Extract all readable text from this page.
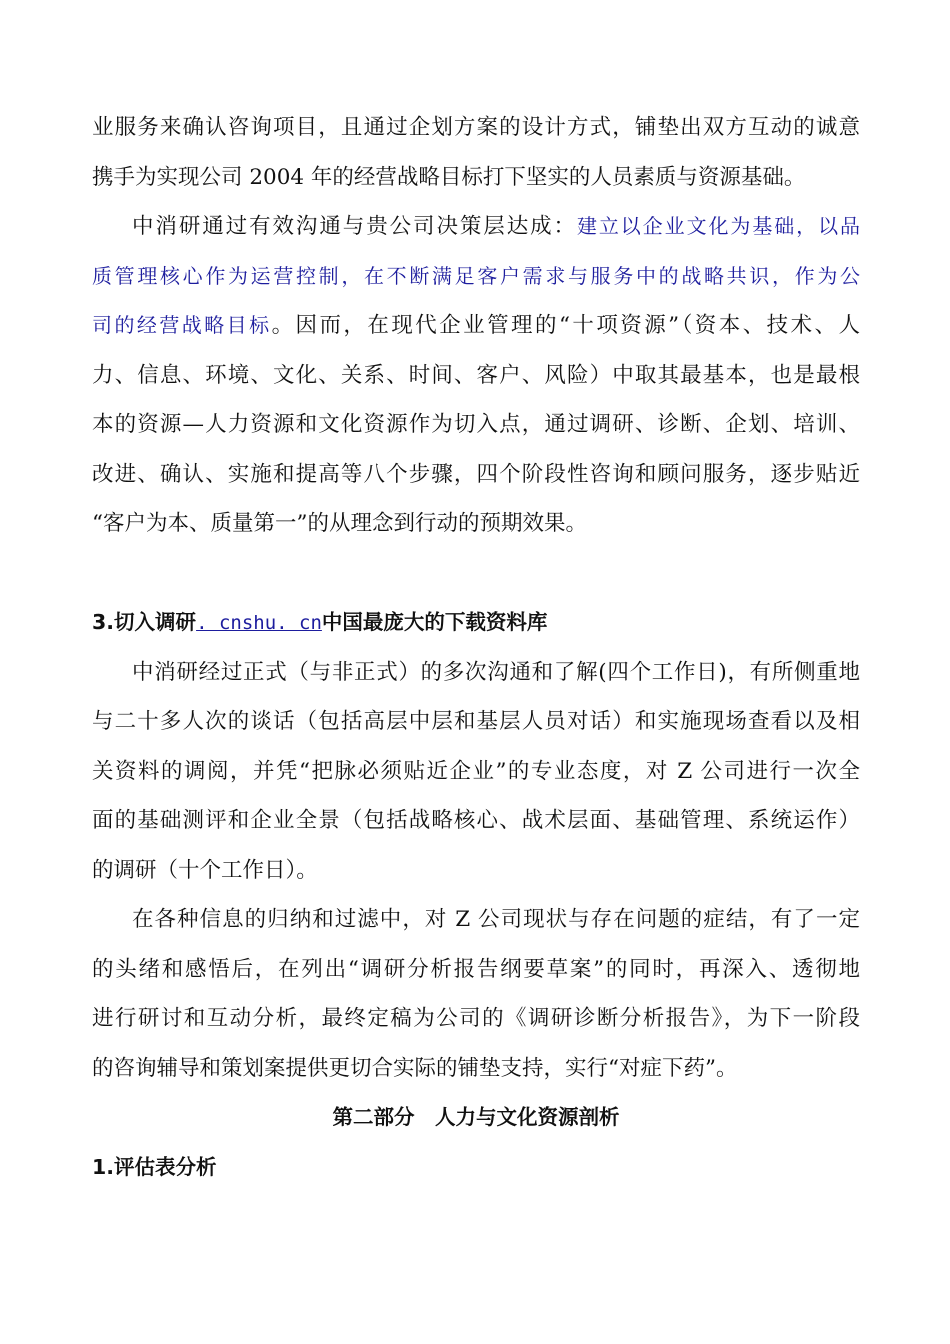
业服务来确认咨询项目，且通过企划方案的设计方式，铺垫出双方互动的诚意
携手为实现公司 2004 年的经营战略目标打下坚实的人员素质与资源基础。
中消研通过有效沟通与贵公司决策层达成：建立以企业文化为基础，以品
质管理核心作为运营控制，在不断满足客户需求与服务中的战略共识，作为公
司的经营战略目标。因而，在现代企业管理的“十项资源”（资本、技术、人
力、信息、环境、文化、关系、时间、客户、风险）中取其最基本，也是最根
本的资源—人力资源和文化资源作为切入点，通过调研、诊断、企划、培训、
改进、确认、实施和提高等八个步骤，四个阶段性咨询和顾问服务，逐步贴近
“客户为本、质量第一”的从理念到行动的预期效果。
3.切入调研. cnshu. cn中国最庞大的下载资料库
中消研经过正式（与非正式）的多次沟通和了解(四个工作日)，有所侧重地
与二十多人次的谈话（包括高层中层和基层人员对话）和实施现场查看以及相
关资料的调阅，并凭“把脉必须贴近企业”的专业态度，对 Z 公司进行一次全
面的基础测评和企业全景（包括战略核心、战术层面、基础管理、系统运作）
的调研（十个工作日）。
在各种信息的归纳和过滤中，对 Z 公司现状与存在问题的症结，有了一定
的头绪和感悟后，在列出“调研分析报告纲要草案”的同时，再深入、透彻地
进行研讨和互动分析，最终定稿为公司的《调研诊断分析报告》，为下一阶段
的咨询辅导和策划案提供更切合实际的铺垫支持，实行“对症下药”。
第二部分　人力与文化资源剖析
1.评估表分析
